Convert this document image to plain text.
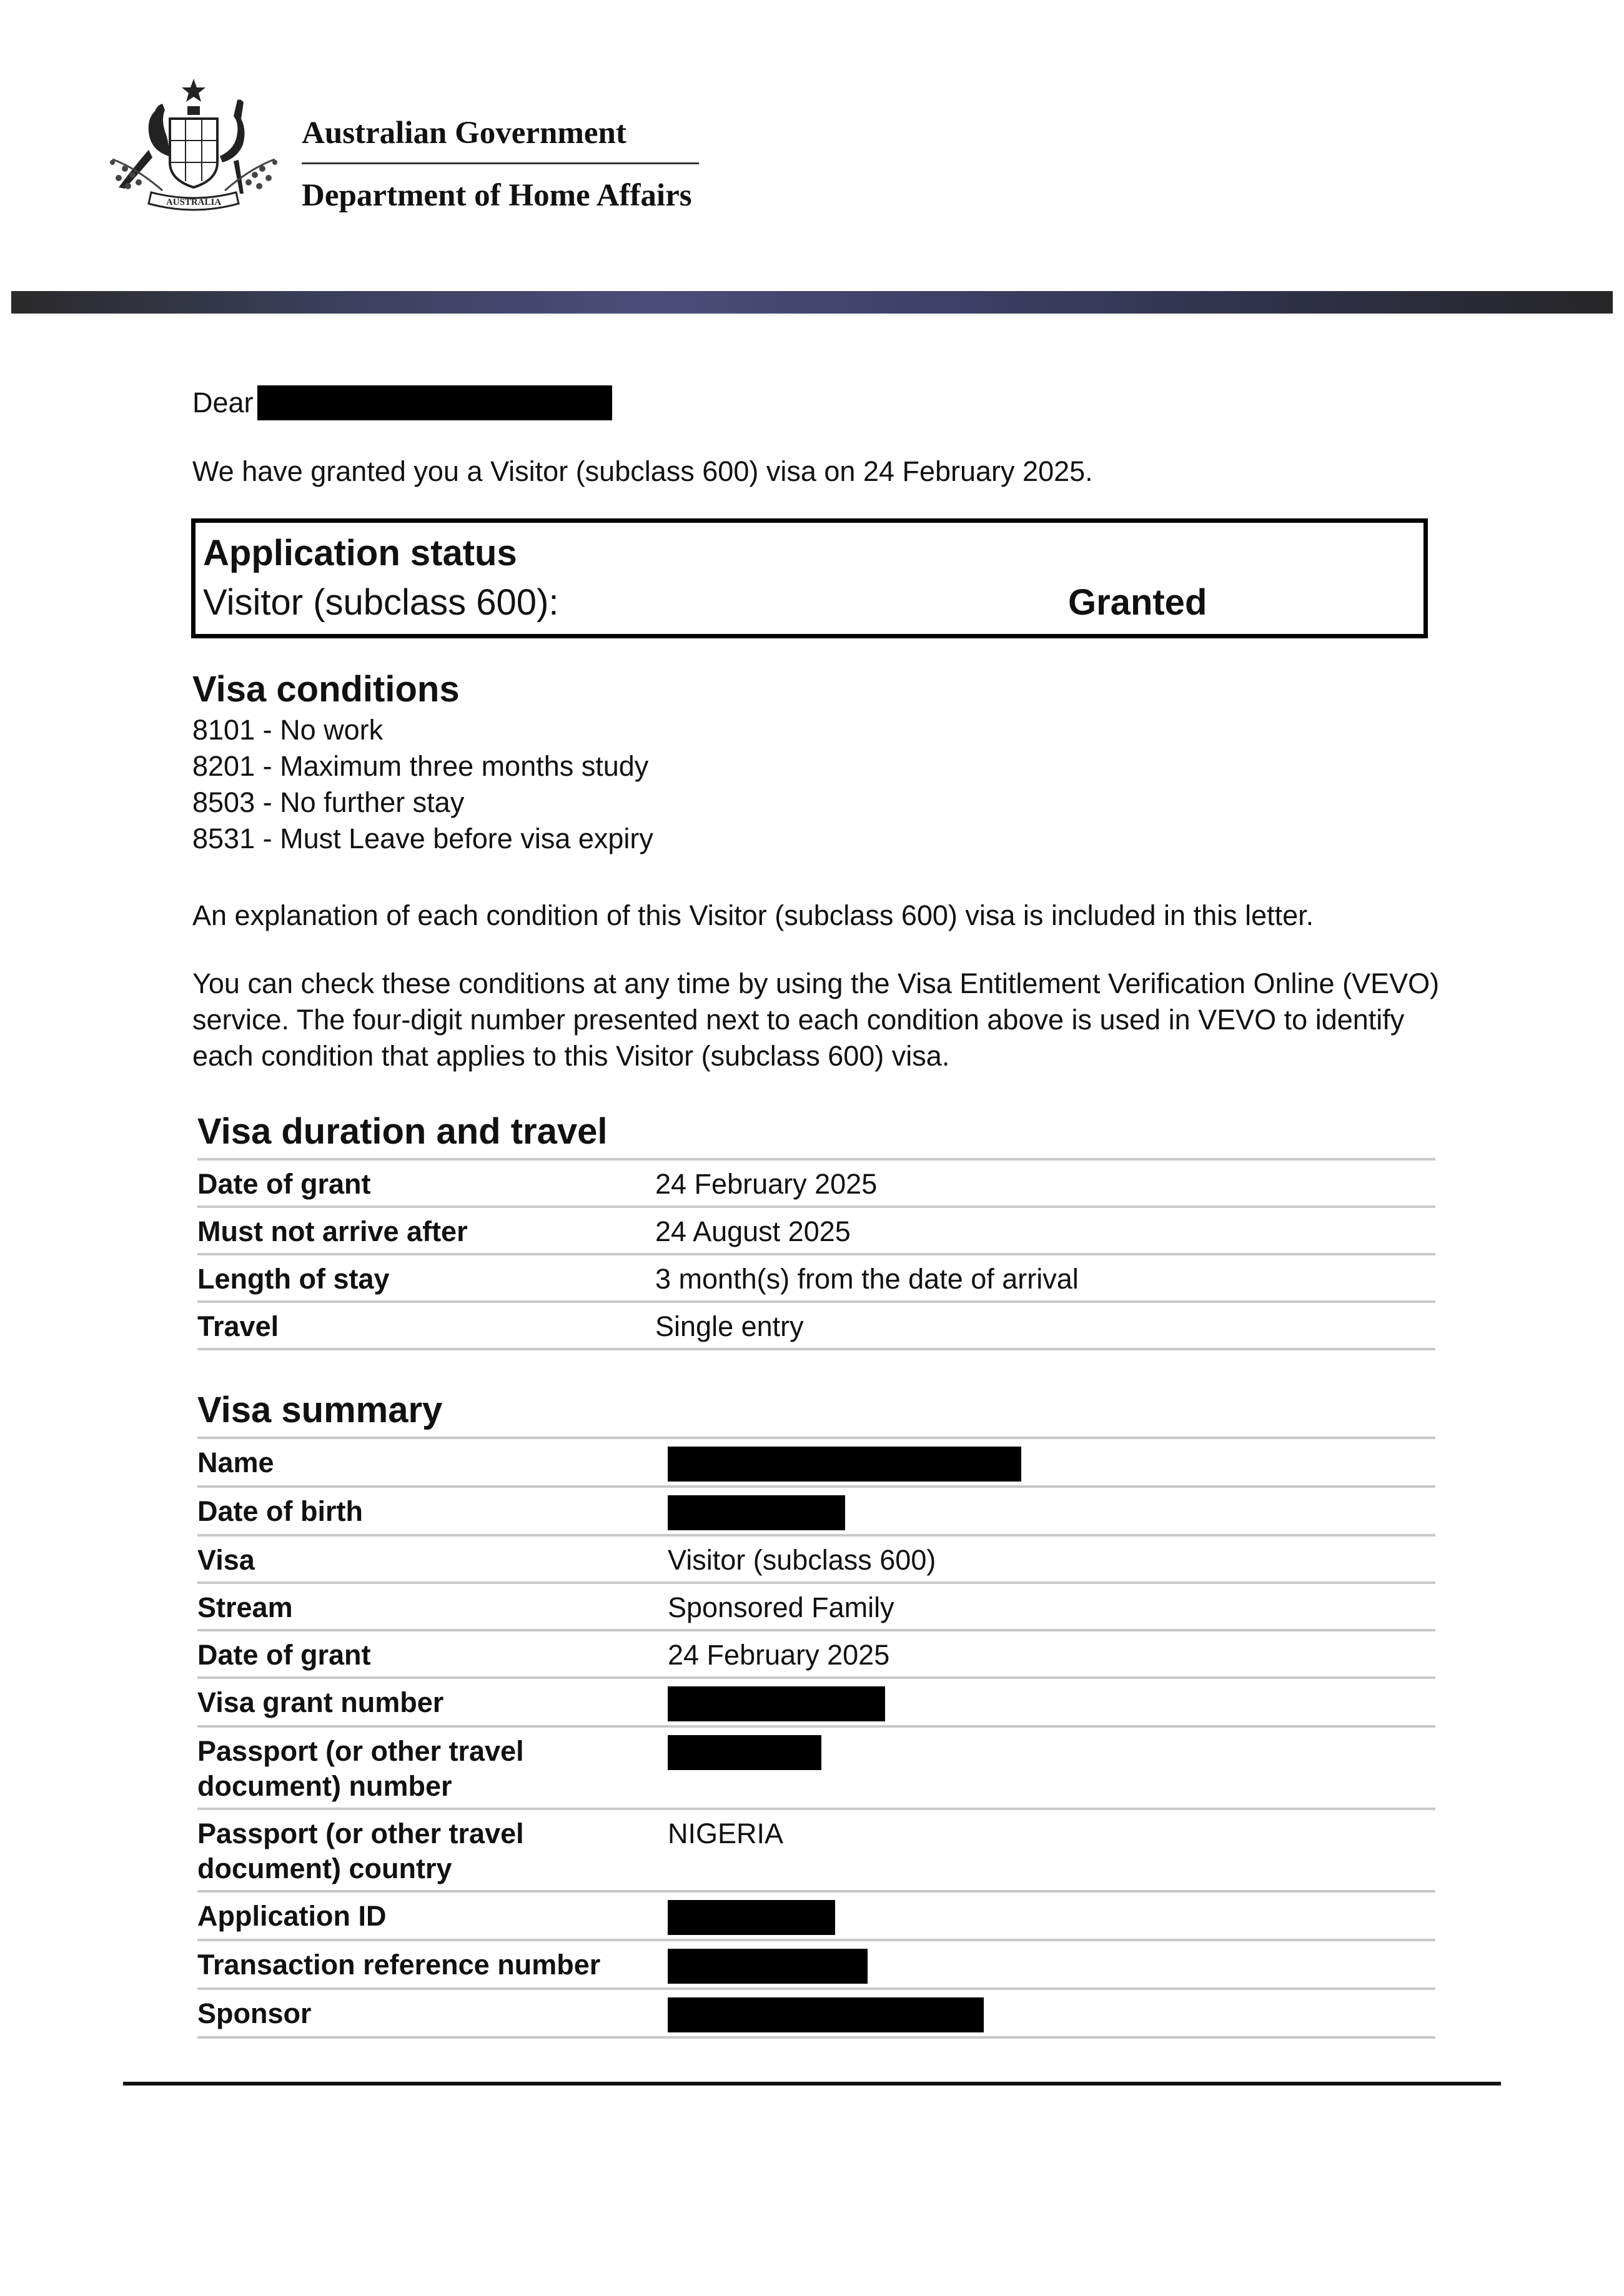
AUSTRALIA
Australian Government
Department of Home Affairs
Dear

We have granted you a Visitor (subclass 600) visa on 24 February 2025.

Application status
Visitor (subclass 600):	Granted
Visa conditions
8101 - No work
8201 - Maximum three months study
8503 - No further stay
8531 - Must Leave before visa expiry

An explanation of each condition of this Visitor (subclass 600) visa is included in this letter.

You can check these conditions at any time by using the Visa Entitlement Verification Online (VEVO) service. The four-digit number presented next to each condition above is used in VEVO to identify each condition that applies to this Visitor (subclass 600) visa.

Visa duration and travel
Date of grant	24 February 2025
Must not arrive after	24 August 2025
Length of stay	3 month(s) from the date of arrival
Travel	Single entry
Visa summary
Name	
Date of birth	
Visa	Visitor (subclass 600)
Stream	Sponsored Family
Date of grant	24 February 2025
Visa grant number	
Passport (or other travel document) number	
Passport (or other travel document) country	NIGERIA
Application ID	
Transaction reference number	
Sponsor	
